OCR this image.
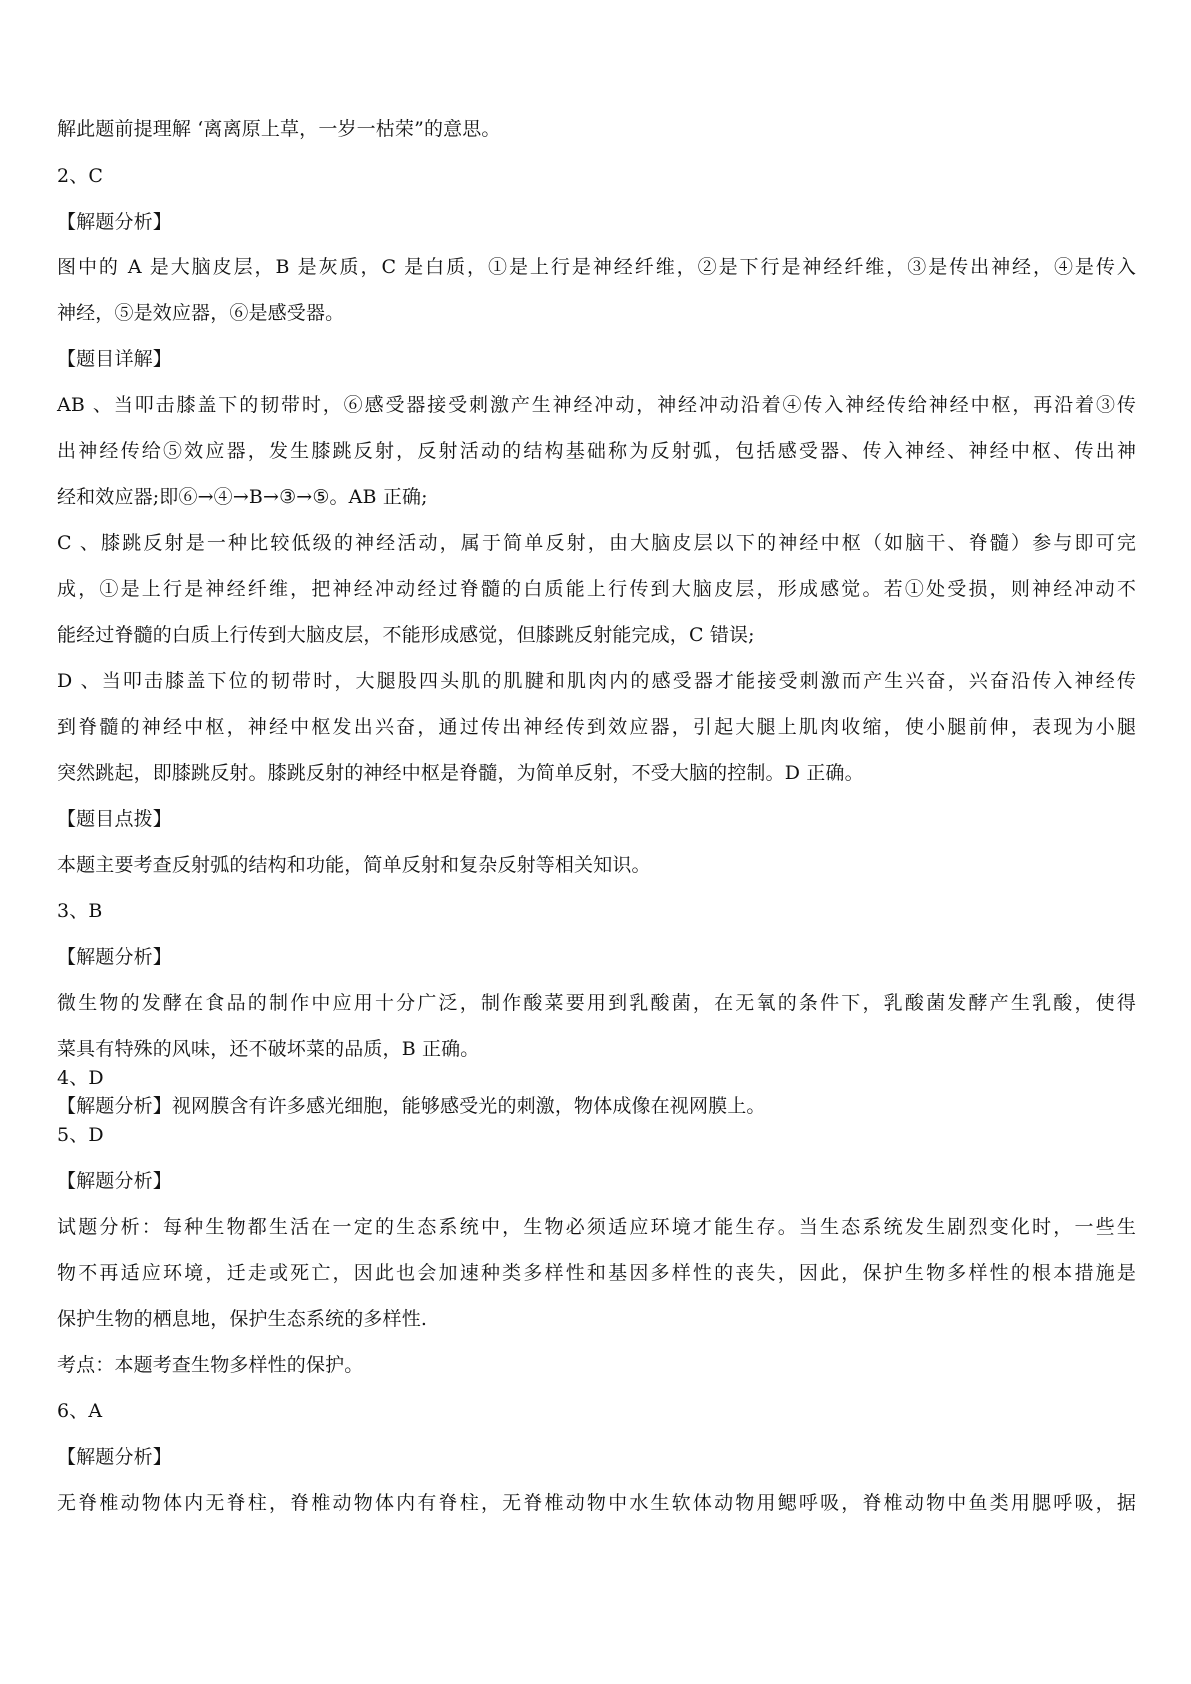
解此题前提理解 ‘离离原上草，一岁一枯荣”的意思。
2、C
【解题分析】
图中的 A 是大脑皮层，B 是灰质，C 是白质，①是上行是神经纤维，②是下行是神经纤维，③是传出神经，④是传入
神经，⑤是效应器，⑥是感受器。
【题目详解】
AB 、当叩击膝盖下的韧带时，⑥感受器接受刺激产生神经冲动，神经冲动沿着④传入神经传给神经中枢，再沿着③传
出神经传给⑤效应器，发生膝跳反射，反射活动的结构基础称为反射弧，包括感受器、传入神经、神经中枢、传出神
经和效应器;即⑥→④→B→③→⑤。AB 正确;
C 、膝跳反射是一种比较低级的神经活动，属于简单反射，由大脑皮层以下的神经中枢（如脑干、脊髓）参与即可完
成，①是上行是神经纤维，把神经冲动经过脊髓的白质能上行传到大脑皮层，形成感觉。若①处受损，则神经冲动不
能经过脊髓的白质上行传到大脑皮层，不能形成感觉，但膝跳反射能完成，C 错误;
D 、当叩击膝盖下位的韧带时，大腿股四头肌的肌腱和肌肉内的感受器才能接受刺激而产生兴奋，兴奋沿传入神经传
到脊髓的神经中枢，神经中枢发出兴奋，通过传出神经传到效应器，引起大腿上肌肉收缩，使小腿前伸，表现为小腿
突然跳起，即膝跳反射。膝跳反射的神经中枢是脊髓，为简单反射，不受大脑的控制。D 正确。
【题目点拨】
本题主要考查反射弧的结构和功能，简单反射和复杂反射等相关知识。
3、B
【解题分析】
微生物的发酵在食品的制作中应用十分广泛，制作酸菜要用到乳酸菌，在无氧的条件下，乳酸菌发酵产生乳酸，使得
菜具有特殊的风味，还不破坏菜的品质，B 正确。
4、D
【解题分析】视网膜含有许多感光细胞，能够感受光的刺激，物体成像在视网膜上。
5、D
【解题分析】
试题分析：每种生物都生活在一定的生态系统中，生物必须适应环境才能生存。当生态系统发生剧烈变化时，一些生
物不再适应环境，迁走或死亡，因此也会加速种类多样性和基因多样性的丧失，因此，保护生物多样性的根本措施是
保护生物的栖息地，保护生态系统的多样性.
考点：本题考查生物多样性的保护。
6、A
【解题分析】
无脊椎动物体内无脊柱，脊椎动物体内有脊柱，无脊椎动物中水生软体动物用鳃呼吸，脊椎动物中鱼类用腮呼吸，据
